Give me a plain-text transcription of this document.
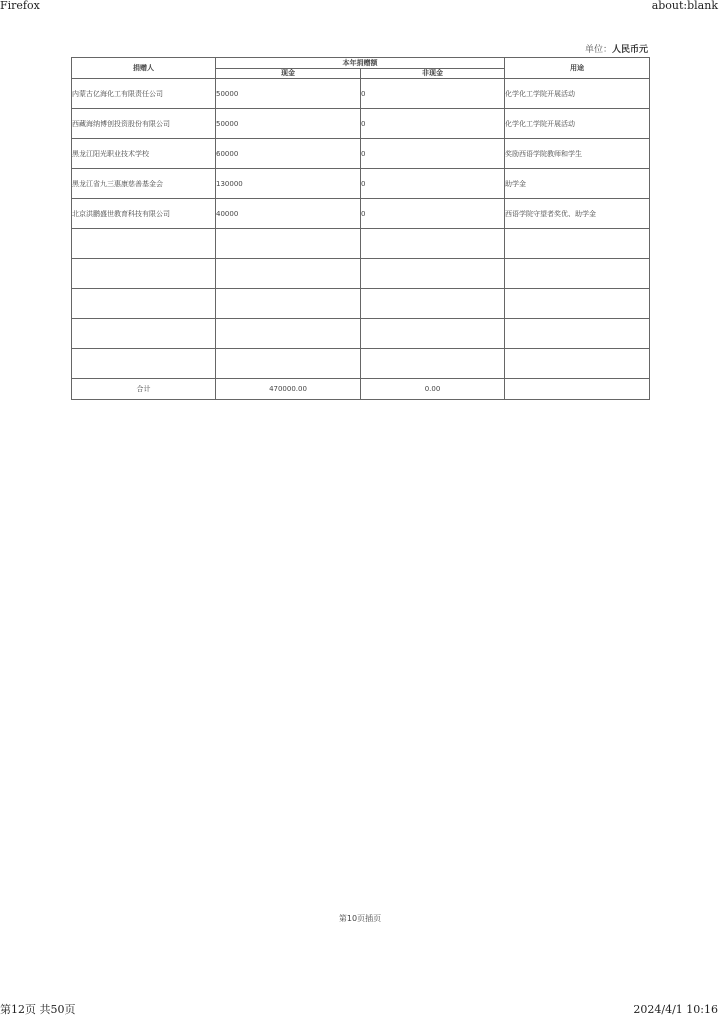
Firefox	about:blank
单位：人民币元
捐赠人	本年捐赠额		用途
	现金	非现金	
内蒙古亿海化工有限责任公司	50000	0	化学化工学院开展活动
西藏海纳博创投资股份有限公司	50000	0	化学化工学院开展活动
黑龙江阳光职业技术学校	60000	0	奖励西语学院教师和学生
黑龙江省九三惠康慈善基金会	130000	0	助学金
北京洪鹏盛世教育科技有限公司	40000	0	西语学院守望者奖优、助学金

合计	470000.00	0.00	
第10页插页
第12页 共50页	2024/4/1 10:16
